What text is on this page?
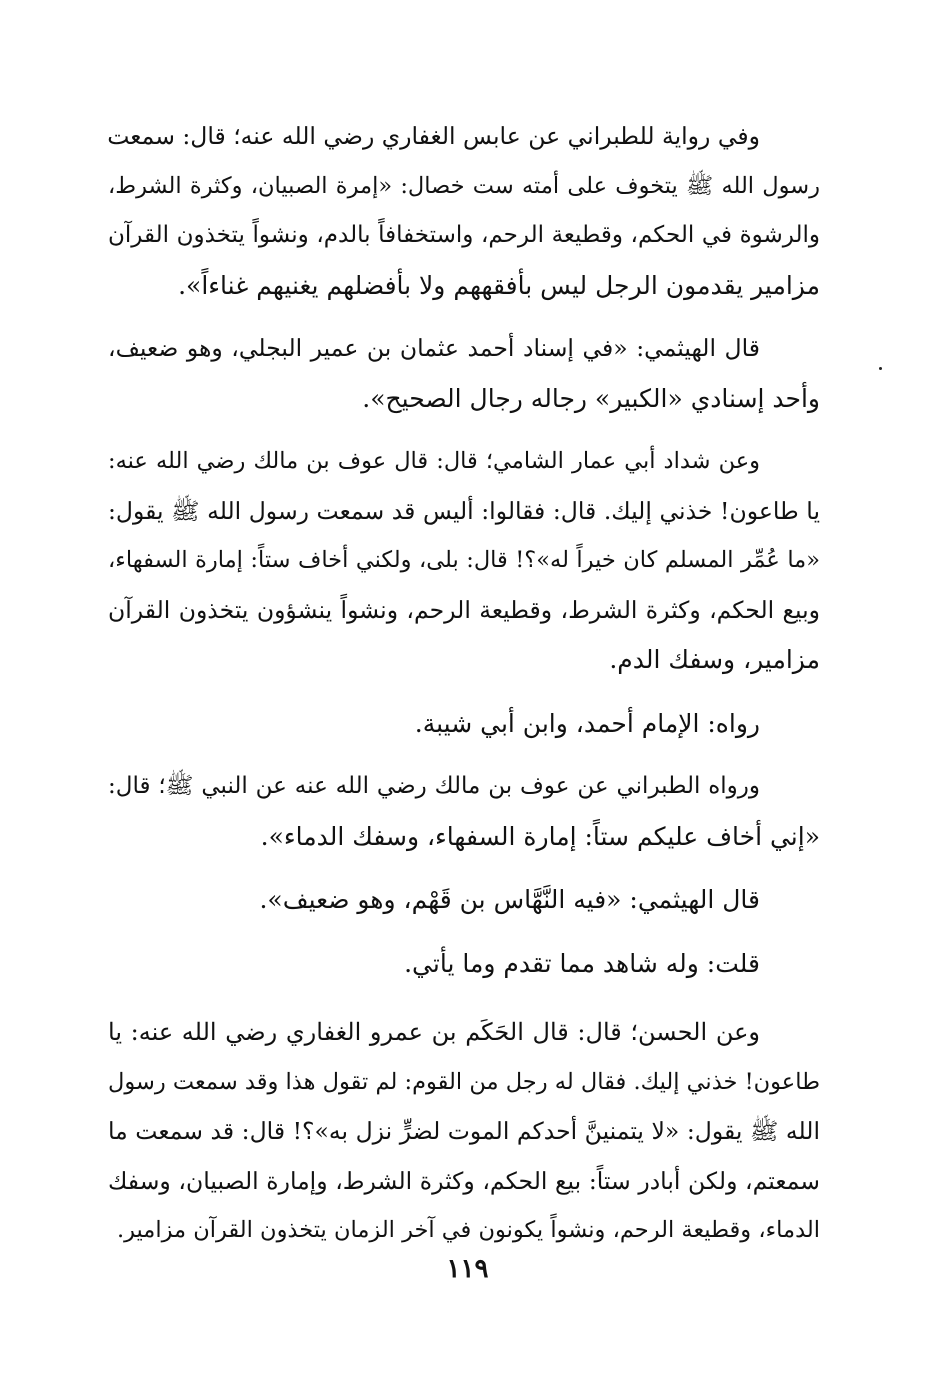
وفي رواية للطبراني عن عابس الغفاري رضي الله عنه؛ قال: سمعت
رسول الله ﷺ يتخوف على أمته ست خصال: «إمرة الصبيان، وكثرة الشرط،
والرشوة في الحكم، وقطيعة الرحم، واستخفافاً بالدم، ونشواً يتخذون القرآن
مزامير يقدمون الرجل ليس بأفقههم ولا بأفضلهم يغنيهم غناءاً».

قال الهيثمي: «في إسناد أحمد عثمان بن عمير البجلي، وهو ضعيف،
وأحد إسنادي «الكبير» رجاله رجال الصحيح».

وعن شداد أبي عمار الشامي؛ قال: قال عوف بن مالك رضي الله عنه:
يا طاعون! خذني إليك. قال: فقالوا: أليس قد سمعت رسول الله ﷺ يقول:
«ما عُمِّر المسلم كان خيراً له»؟! قال: بلى، ولكني أخاف ستاً: إمارة السفهاء،
وبيع الحكم، وكثرة الشرط، وقطيعة الرحم، ونشواً ينشؤون يتخذون القرآن
مزامير، وسفك الدم.

رواه: الإمام أحمد، وابن أبي شيبة.

ورواه الطبراني عن عوف بن مالك رضي الله عنه عن النبي ﷺ؛ قال:
«إني أخاف عليكم ستاً: إمارة السفهاء، وسفك الدماء».

قال الهيثمي: «فيه النَّهَّاس بن قَهْم، وهو ضعيف».

قلت: وله شاهد مما تقدم وما يأتي.

وعن الحسن؛ قال: قال الحَكَم بن عمرو الغفاري رضي الله عنه: يا
طاعون! خذني إليك. فقال له رجل من القوم: لم تقول هذا وقد سمعت رسول
الله ﷺ يقول: «لا يتمنينَّ أحدكم الموت لضرٍّ نزل به»؟! قال: قد سمعت ما
سمعتم، ولكن أبادر ستاً: بيع الحكم، وكثرة الشرط، وإمارة الصبيان، وسفك
الدماء، وقطيعة الرحم، ونشواً يكونون في آخر الزمان يتخذون القرآن مزامير.

١١٩
